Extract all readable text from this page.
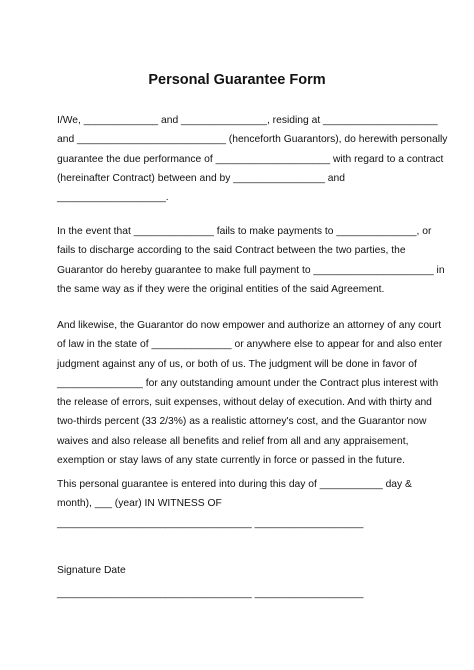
Personal Guarantee Form

I/We, _____________ and _______________, residing at ____________________
and __________________________ (henceforth Guarantors), do herewith personally
guarantee the due performance of ____________________ with regard to a contract
(hereinafter Contract) between and by ________________ and
___________________.

In the event that ______________ fails to make payments to ______________, or
fails to discharge according to the said Contract between the two parties, the
Guarantor do hereby guarantee to make full payment to _____________________ in
the same way as if they were the original entities of the said Agreement.

And likewise, the Guarantor do now empower and authorize an attorney of any court
of law in the state of ______________ or anywhere else to appear for and also enter
judgment against any of us, or both of us. The judgment will be done in favor of
_______________ for any outstanding amount under the Contract plus interest with
the release of errors, suit expenses, without delay of execution. And with thirty and
two-thirds percent (33 2/3%) as a realistic attorney's cost, and the Guarantor now
waives and also release all benefits and relief from all and any appraisement,
exemption or stay laws of any state currently in force or passed in the future.

This personal guarantee is entered into during this day of ___________ day &
month), ___ (year) IN WITNESS OF

__________________________________ ___________________
Signature Date
__________________________________ ___________________
